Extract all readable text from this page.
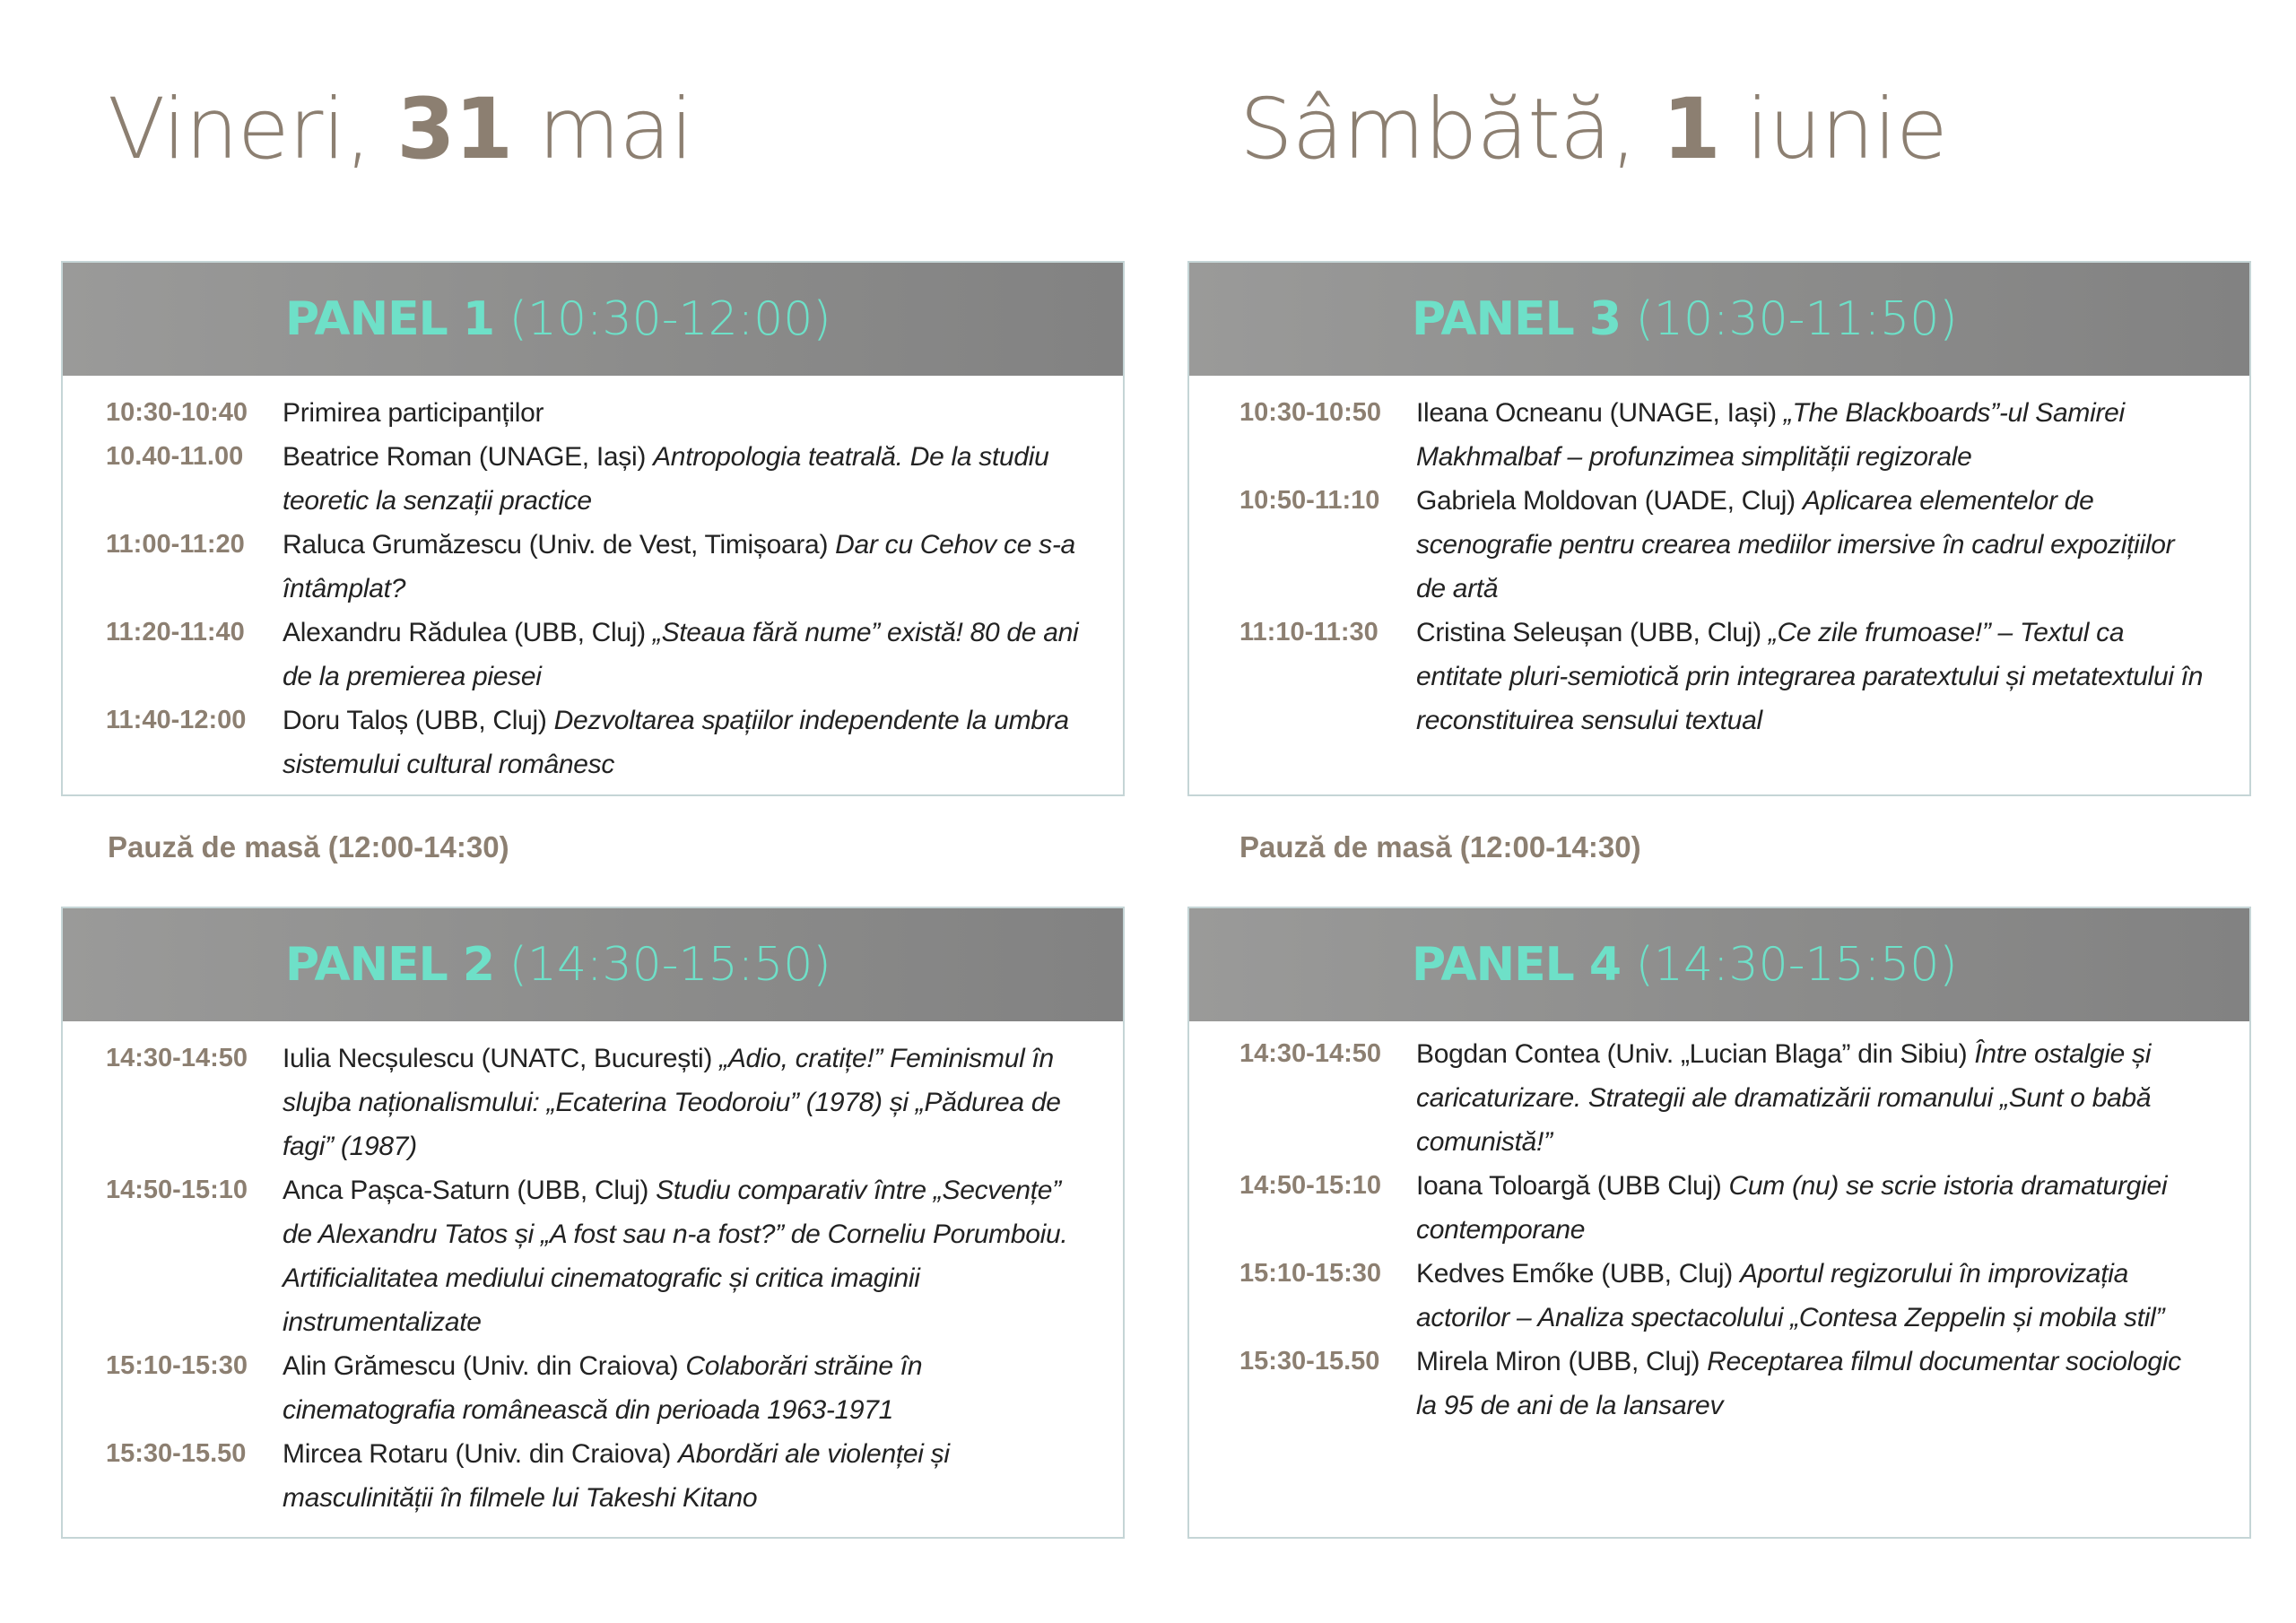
Vineri, 31 mai	Sâmbătă, 1 iunie
PANEL 1 (10:30-12:00)
10:30-10:40	Primirea participanților
10.40-11.00	Beatrice Roman (UNAGE, Iași) Antropologia teatrală. De la studiu teoretic la senzații practice
11:00-11:20	Raluca Grumăzescu (Univ. de Vest, Timișoara) Dar cu Cehov ce s-a întâmplat?
11:20-11:40	Alexandru Rădulea (UBB, Cluj) „Steaua fără nume” există! 80 de ani de la premierea piesei
11:40-12:00	Doru Taloș (UBB, Cluj) Dezvoltarea spațiilor independente la umbra sistemului cultural românesc
Pauză de masă (12:00-14:30)
PANEL 2 (14:30-15:50)
14:30-14:50	Iulia Necșulescu (UNATC, București) „Adio, cratițe!” Feminismul în slujba naționalismului: „Ecaterina Teodoroiu” (1978) și „Pădurea de fagi” (1987)
14:50-15:10	Anca Pașca-Saturn (UBB, Cluj) Studiu comparativ între „Secvențe” de Alexandru Tatos și „A fost sau n-a fost?” de Corneliu Porumboiu. Artificialitatea mediului cinematografic și critica imaginii instrumentalizate
15:10-15:30	Alin Grămescu (Univ. din Craiova) Colaborări străine în cinematografia românească din perioada 1963-1971
15:30-15.50	Mircea Rotaru (Univ. din Craiova) Abordări ale violenței și masculinității în filmele lui Takeshi Kitano
PANEL 3 (10:30-11:50)
10:30-10:50	Ileana Ocneanu (UNAGE, Iași) „The Blackboards”-ul Samirei Makhmalbaf – profunzimea simplității regizorale
10:50-11:10	Gabriela Moldovan (UADE, Cluj) Aplicarea elementelor de scenografie pentru crearea mediilor imersive în cadrul expozițiilor de artă
11:10-11:30	Cristina Seleușan (UBB, Cluj) „Ce zile frumoase!” – Textul ca entitate pluri-semiotică prin integrarea paratextului și metatextului în reconstituirea sensului textual
Pauză de masă (12:00-14:30)
PANEL 4 (14:30-15:50)
14:30-14:50	Bogdan Contea (Univ. „Lucian Blaga” din Sibiu) Între ostalgie și caricaturizare. Strategii ale dramatizării romanului „Sunt o babă comunistă!”
14:50-15:10	Ioana Toloargă (UBB Cluj) Cum (nu) se scrie istoria dramaturgiei contemporane
15:10-15:30	Kedves Emőke (UBB, Cluj) Aportul regizorului în improvizația actorilor – Analiza spectacolului „Contesa Zeppelin și mobila stil”
15:30-15.50	Mirela Miron (UBB, Cluj) Receptarea filmul documentar sociologic la 95 de ani de la lansarev
